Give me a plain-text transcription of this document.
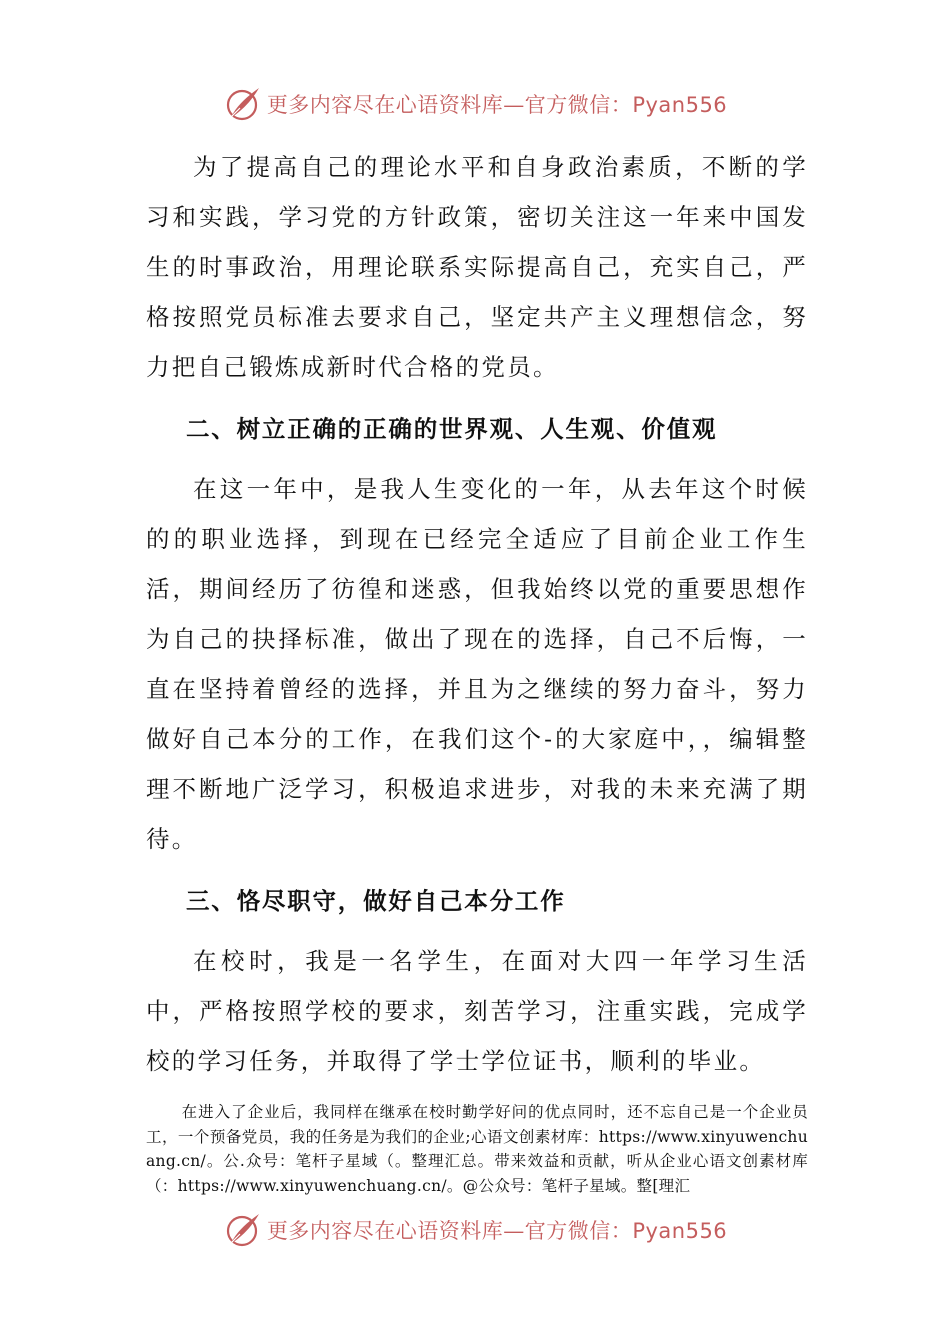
更多内容尽在心语资料库—官方微信：Pyan556

为了提高自己的理论水平和自身政治素质，不断的学习和实践，学习党的方针政策，密切关注这一年来中国发生的时事政治，用理论联系实际提高自己，充实自己，严格按照党员标准去要求自己，坚定共产主义理想信念，努力把自己锻炼成新时代合格的党员。

二、树立正确的正确的世界观、人生观、价值观

在这一年中，是我人生变化的一年，从去年这个时候的的职业选择，到现在已经完全适应了目前企业工作生活，期间经历了彷徨和迷惑，但我始终以党的重要思想作为自己的抉择标准，做出了现在的选择，自己不后悔，一直在坚持着曾经的选择，并且为之继续的努力奋斗，努力做好自己本分的工作，在我们这个-的大家庭中，，编辑整理不断地广泛学习，积极追求进步，对我的未来充满了期待。

三、恪尽职守，做好自己本分工作

在校时，我是一名学生，在面对大四一年学习生活中，严格按照学校的要求，刻苦学习，注重实践，完成学校的学习任务，并取得了学士学位证书，顺利的毕业。

在进入了企业后，我同样在继承在校时勤学好问的优点同时，还不忘自己是一个企业员工，一个预备党员，我的任务是为我们的企业;心语文创素材库：https://www.xinyuwenchuang.cn/。公.众号：笔杆子星域（。整理汇总。带来效益和贡献，听从企业心语文创素材库（：https://www.xinyuwenchuang.cn/。@公众号：笔杆子星域。整[理汇

更多内容尽在心语资料库—官方微信：Pyan556
